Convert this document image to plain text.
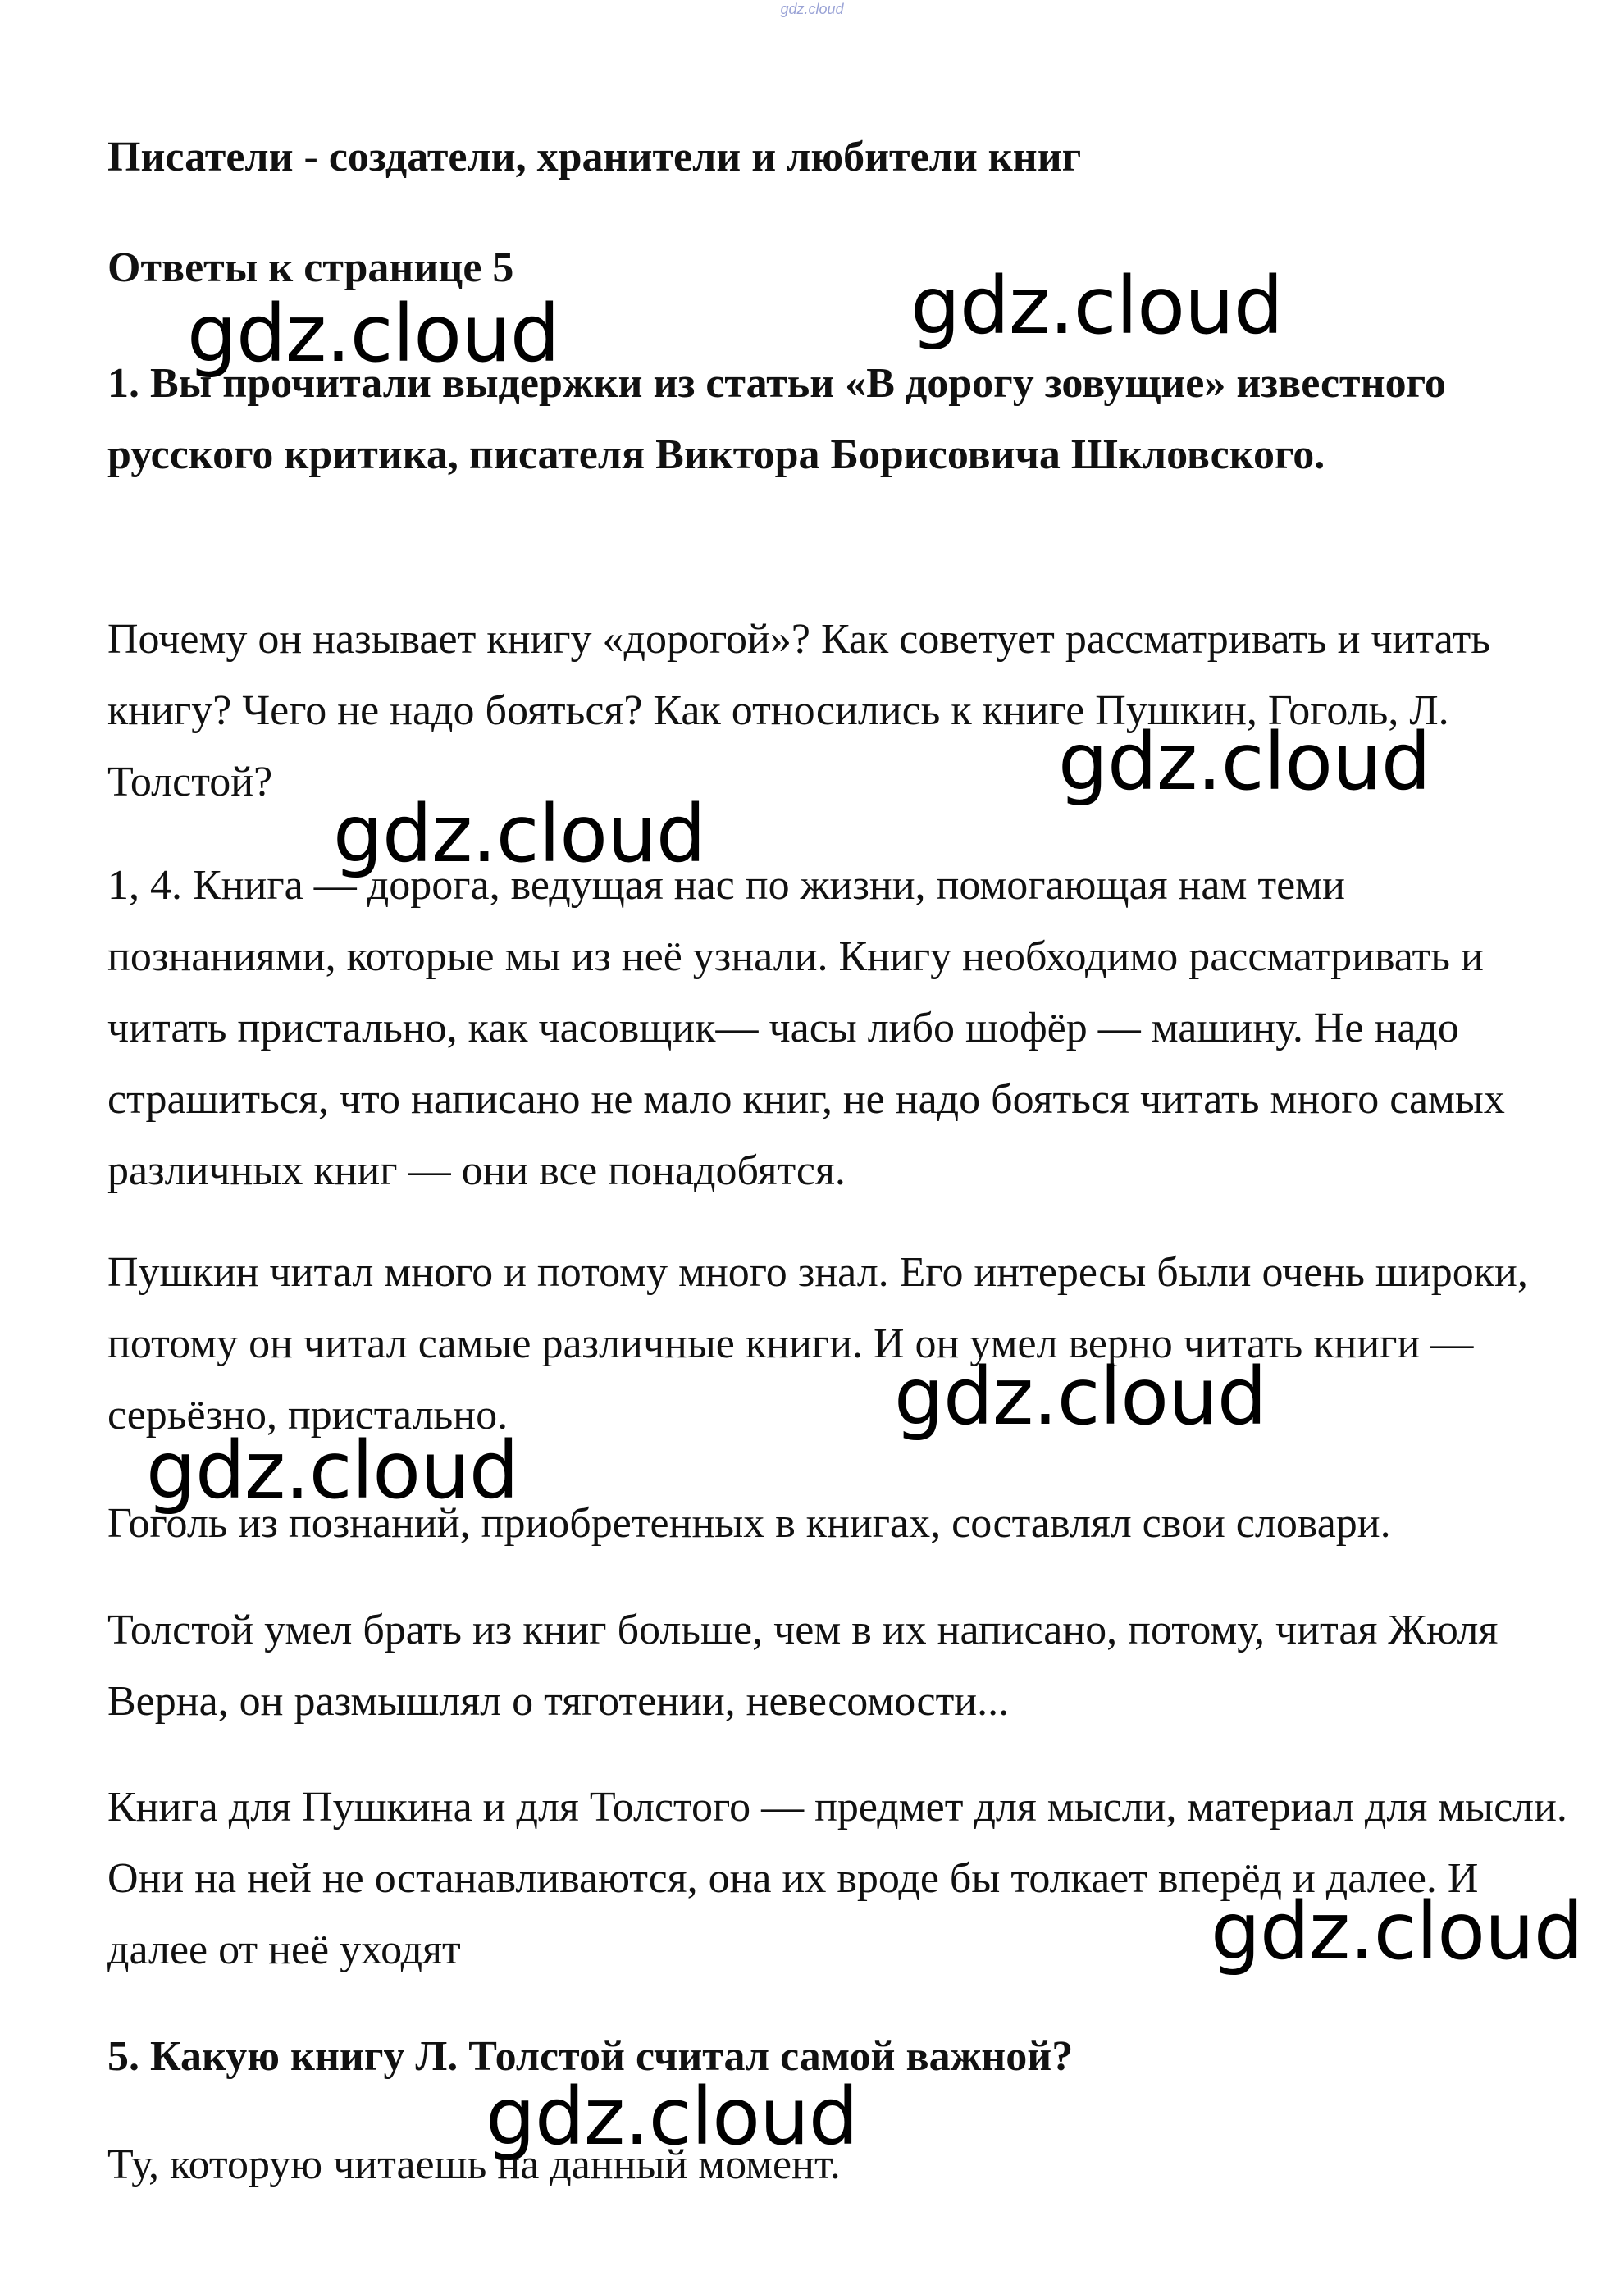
gdz.cloud

Писатели - создатели, хранители и любители книг

Ответы к странице 5

1. Вы прочитали выдержки из статьи «В дорогу зовущие» известного русского критика, писателя Виктора Борисовича Шкловского.

Почему он называет книгу «дорогой»? Как советует рассматривать и читать книгу? Чего не надо бояться? Как относились к книге Пушкин, Гоголь, Л. Толстой?

1, 4. Книга — дорога, ведущая нас по жизни, помогающая нам теми познаниями, которые мы из неё узнали. Книгу необходимо рассматривать и читать пристально, как часовщик— часы либо шофёр — машину. Не надо страшиться, что написано не мало книг, не надо бояться читать много самых различных книг — они все понадобятся.

Пушкин читал много и потому много знал. Его интересы были очень широки, потому он читал самые различные книги. И он умел верно читать книги — серьёзно, пристально.

Гоголь из познаний, приобретенных в книгах, составлял свои словари.

Толстой умел брать из книг больше, чем в их написано, потому, читая Жюля Верна, он размышлял о тяготении, невесомости...

Книга для Пушкина и для Толстого — предмет для мысли, материал для мысли. Они на ней не останавливаются, она их вроде бы толкает вперёд и далее. И далее от неё уходят

5. Какую книгу Л. Толстой считал самой важной?

Ту, которую читаешь на данный момент.

gdz.cloud	gdz.cloud
gdz.cloud
gdz.cloud
gdz.cloud
gdz.cloud
gdz.cloud
gdz.cloud
